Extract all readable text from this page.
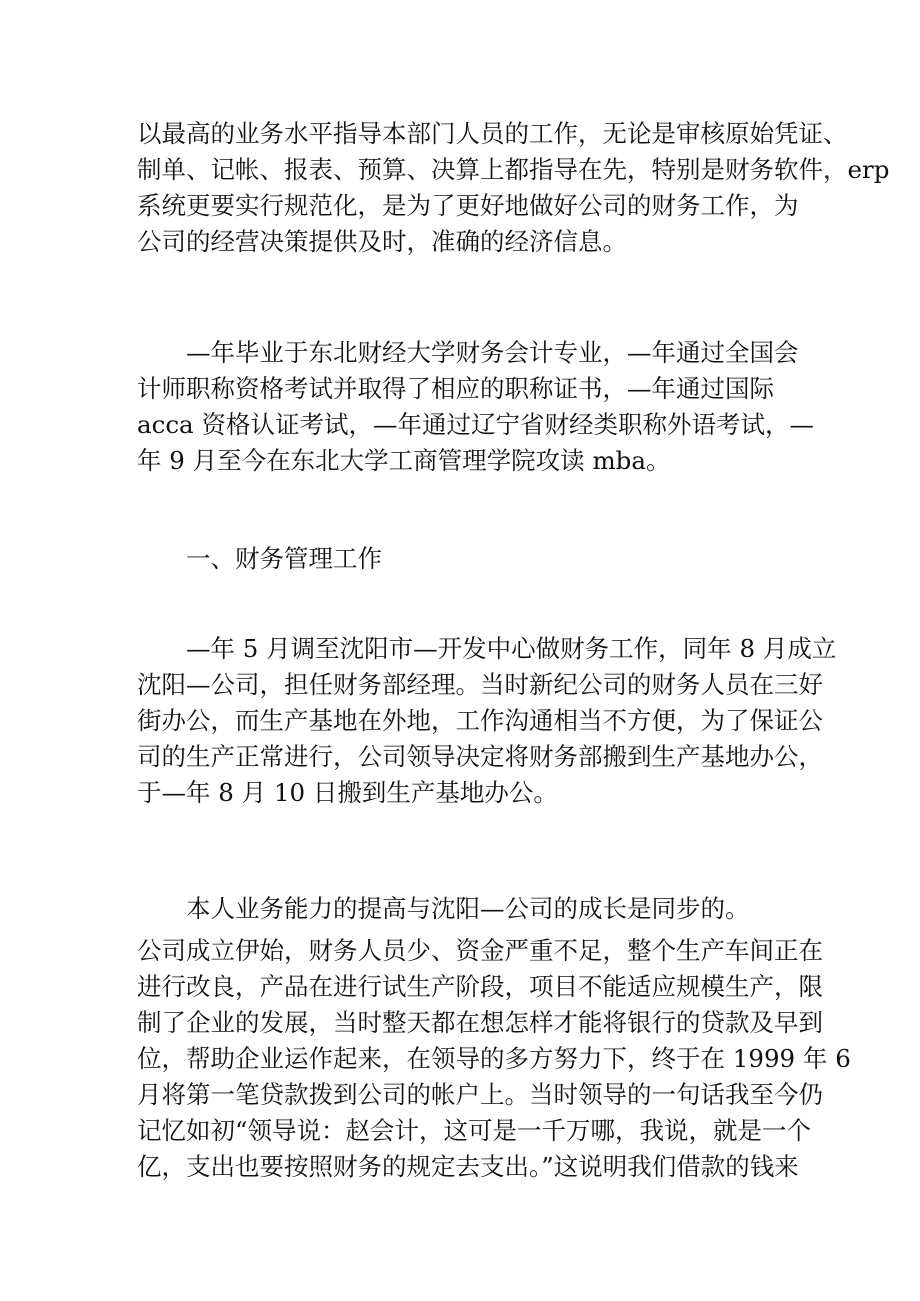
以最高的业务水平指导本部门人员的工作，无论是审核原始凭证、
制单、记帐、报表、预算、决算上都指导在先，特别是财务软件，erp
系统更要实行规范化，是为了更好地做好公司的财务工作，为
公司的经营决策提供及时，准确的经济信息。
—年毕业于东北财经大学财务会计专业，—年通过全国会
计师职称资格考试并取得了相应的职称证书，—年通过国际
acca 资格认证考试，—年通过辽宁省财经类职称外语考试，—
年 9 月至今在东北大学工商管理学院攻读 mba。
一、财务管理工作
—年 5 月调至沈阳市—开发中心做财务工作，同年 8 月成立
沈阳—公司，担任财务部经理。当时新纪公司的财务人员在三好
街办公，而生产基地在外地，工作沟通相当不方便，为了保证公
司的生产正常进行，公司领导决定将财务部搬到生产基地办公，
于—年 8 月 10 日搬到生产基地办公。
本人业务能力的提高与沈阳—公司的成长是同步的。
公司成立伊始，财务人员少、资金严重不足，整个生产车间正在
进行改良，产品在进行试生产阶段，项目不能适应规模生产，限
制了企业的发展，当时整天都在想怎样才能将银行的贷款及早到
位，帮助企业运作起来，在领导的多方努力下，终于在 1999 年 6
月将第一笔贷款拨到公司的帐户上。当时领导的一句话我至今仍
记忆如初“领导说：赵会计，这可是一千万哪，我说，就是一个
亿，支出也要按照财务的规定去支出。”这说明我们借款的钱来
